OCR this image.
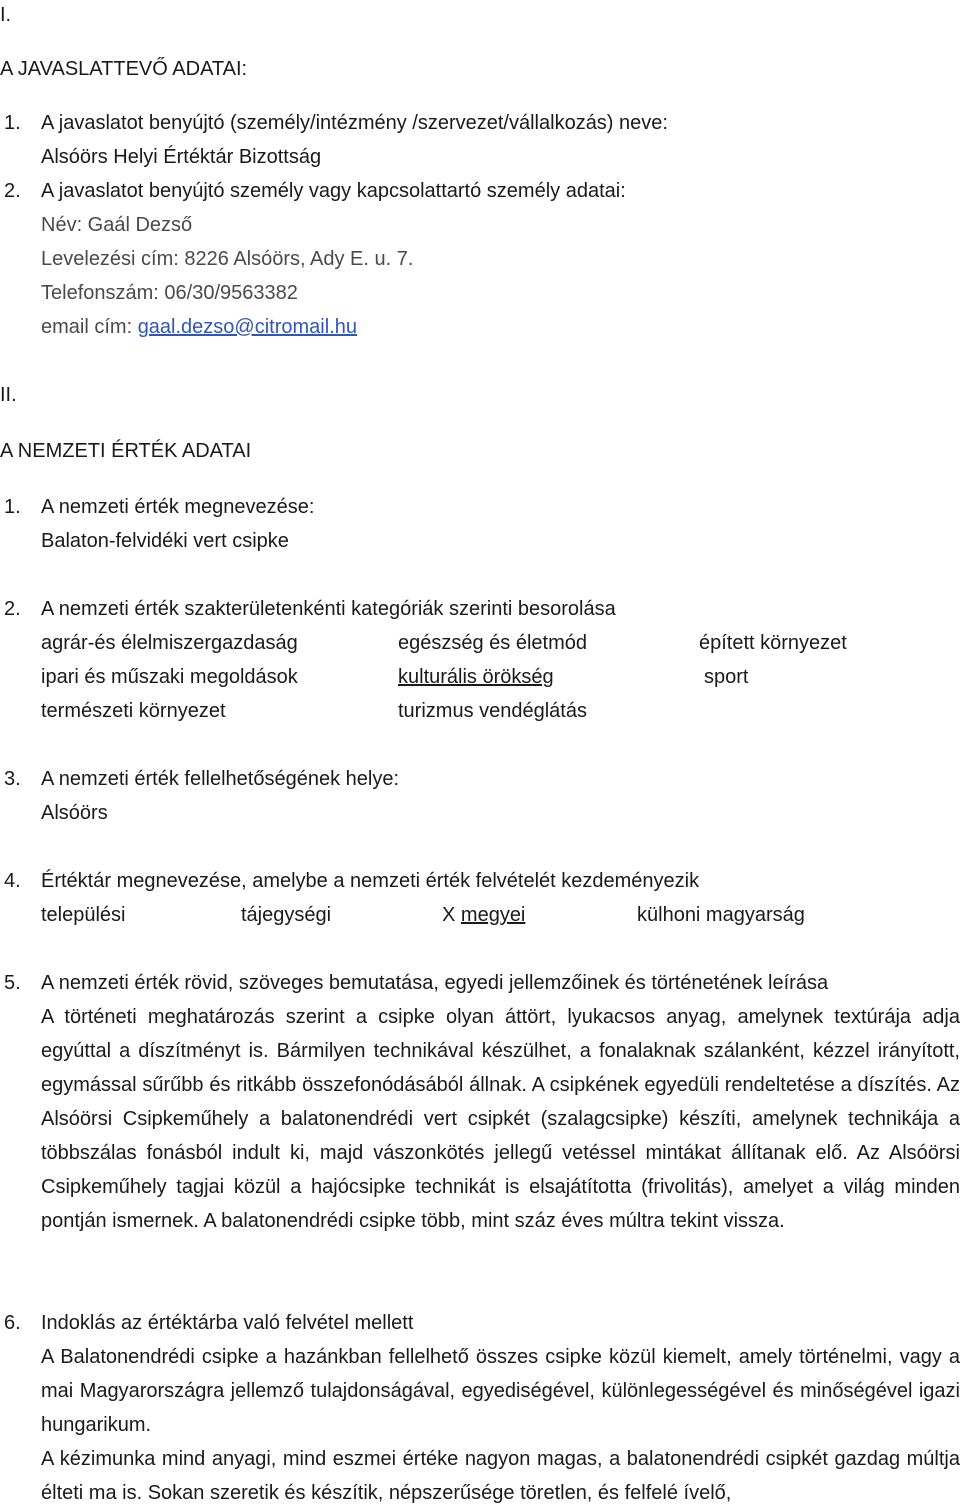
I.
A JAVASLATTEVŐ ADATAI:
1. A javaslatot benyújtó (személy/intézmény /szervezet/vállalkozás) neve:
Alsóörs Helyi Értéktár Bizottság
2. A javaslatot benyújtó személy vagy kapcsolattartó személy adatai:
Név: Gaál Dezső
Levelezési cím: 8226 Alsóörs, Ady E. u. 7.
Telefonszám: 06/30/9563382
email cím: gaal.dezso@citromail.hu
II.
A NEMZETI ÉRTÉK ADATAI
1. A nemzeti érték megnevezése:
Balaton-felvidéki vert csipke
2. A nemzeti érték szakterületenkénti kategóriák szerinti besorolása
agrár-és élelmiszergazdaság	egészség és életmód	épített környezet
ipari és műszaki megoldások	kulturális örökség	sport
természeti környezet	turizmus vendéglátás
3. A nemzeti érték fellelhetőségének helye:
Alsóörs
4. Értéktár megnevezése, amelybe a nemzeti érték felvételét kezdeményezik
települési	tájegységi	X megyei	külhoni magyarság
5. A nemzeti érték rövid, szöveges bemutatása, egyedi jellemzőinek és történetének leírása
A történeti meghatározás szerint a csipke olyan áttört, lyukacsos anyag, amelynek textúrája adja egyúttal a díszítményt is. Bármilyen technikával készülhet, a fonalaknak szálanként, kézzel irányított, egymással sűrűbb és ritkább összefonódásából állnak. A csipkének egyedüli rendeltetése a díszítés. Az Alsóörsi Csipkeműhely a balatonendrédi vert csipkét (szalagcsipke) készíti, amelynek technikája a többszálas fonásból indult ki, majd vászonkötés jellegű vetéssel mintákat állítanak elő. Az Alsóörsi Csipkeműhely tagjai közül a hajócsipke technikát is elsajátította (frivolitás), amelyet a világ minden pontján ismernek. A balatonendrédi csipke több, mint száz éves múltra tekint vissza.
6. Indoklás az értéktárba való felvétel mellett
A Balatonendrédi csipke a hazánkban fellelhető összes csipke közül kiemelt, amely történelmi, vagy a mai Magyarországra jellemző tulajdonságával, egyediségével, különlegességével és minőségével igazi hungarikum.
A kézimunka mind anyagi, mind eszmei értéke nagyon magas, a balatonendrédi csipkét gazdag múltja élteti ma is. Sokan szeretik és készítik, népszerűsége töretlen, és felfelé ívelő,
